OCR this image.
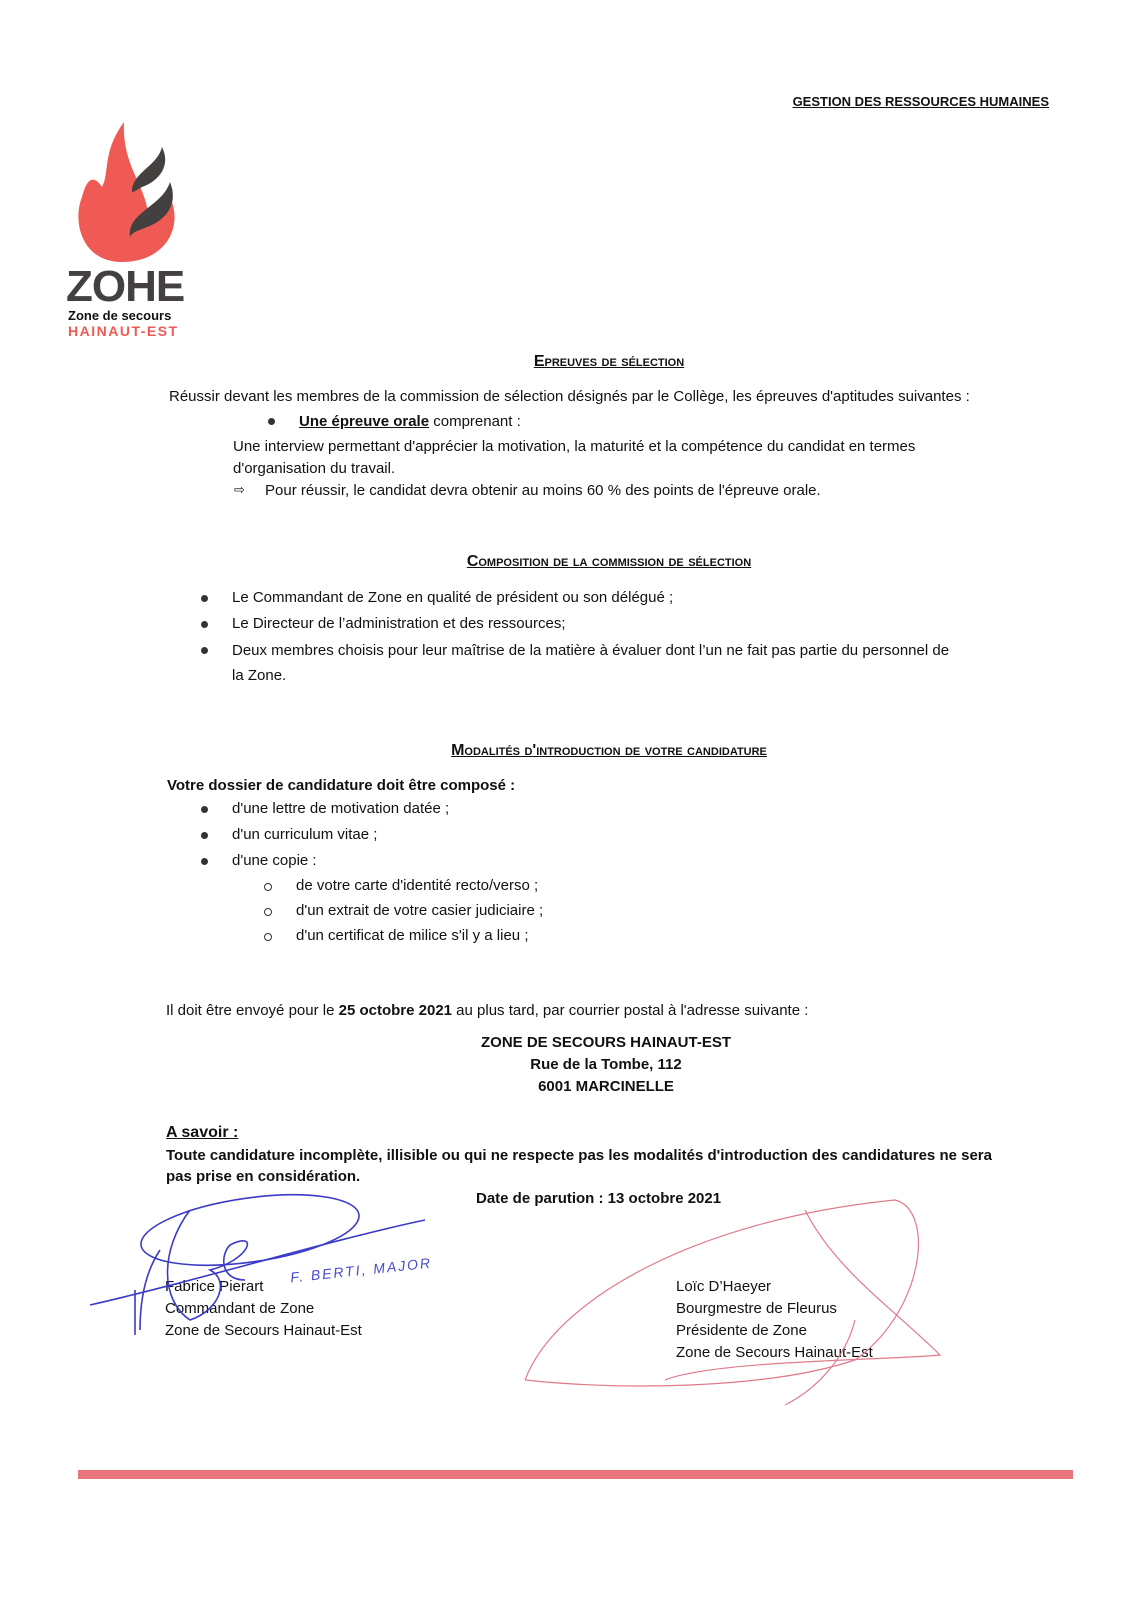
GESTION DES RESSOURCES HUMAINES
ZOHE
Zone de secours
HAINAUT-EST
Epreuves de sélection
Réussir devant les membres de la commission de sélection désignés par le Collège, les épreuves d'aptitudes suivantes :
Une épreuve orale comprenant :
Une interview permettant d'apprécier la motivation, la maturité et la compétence du candidat en termes
d'organisation du travail.
⇨ Pour réussir, le candidat devra obtenir au moins 60 % des points de l'épreuve orale.
Composition de la commission de sélection
Le Commandant de Zone en qualité de président ou son délégué ;
Le Directeur de l’administration et des ressources;
Deux membres choisis pour leur maîtrise de la matière à évaluer dont l’un ne fait pas partie du personnel de
la Zone.
Modalités d'introduction de votre candidature
Votre dossier de candidature doit être composé :
d'une lettre de motivation datée ;
d'un curriculum vitae ;
d'une copie :
de votre carte d'identité recto/verso ;
d'un extrait de votre casier judiciaire ;
d'un certificat de milice s'il y a lieu ;
Il doit être envoyé pour le 25 octobre 2021 au plus tard, par courrier postal à l'adresse suivante :
ZONE DE SECOURS HAINAUT-EST
Rue de la Tombe, 112
6001 MARCINELLE
A savoir :
Toute candidature incomplète, illisible ou qui ne respecte pas les modalités d'introduction des candidatures ne sera
pas prise en considération.
Date de parution : 13 octobre 2021
Fabrice Pierart
Commandant de Zone
Zone de Secours Hainaut-Est
F. BERTI, MAJOR
Loïc D’Haeyer
Bourgmestre de Fleurus
Présidente de Zone
Zone de Secours Hainaut-Est
